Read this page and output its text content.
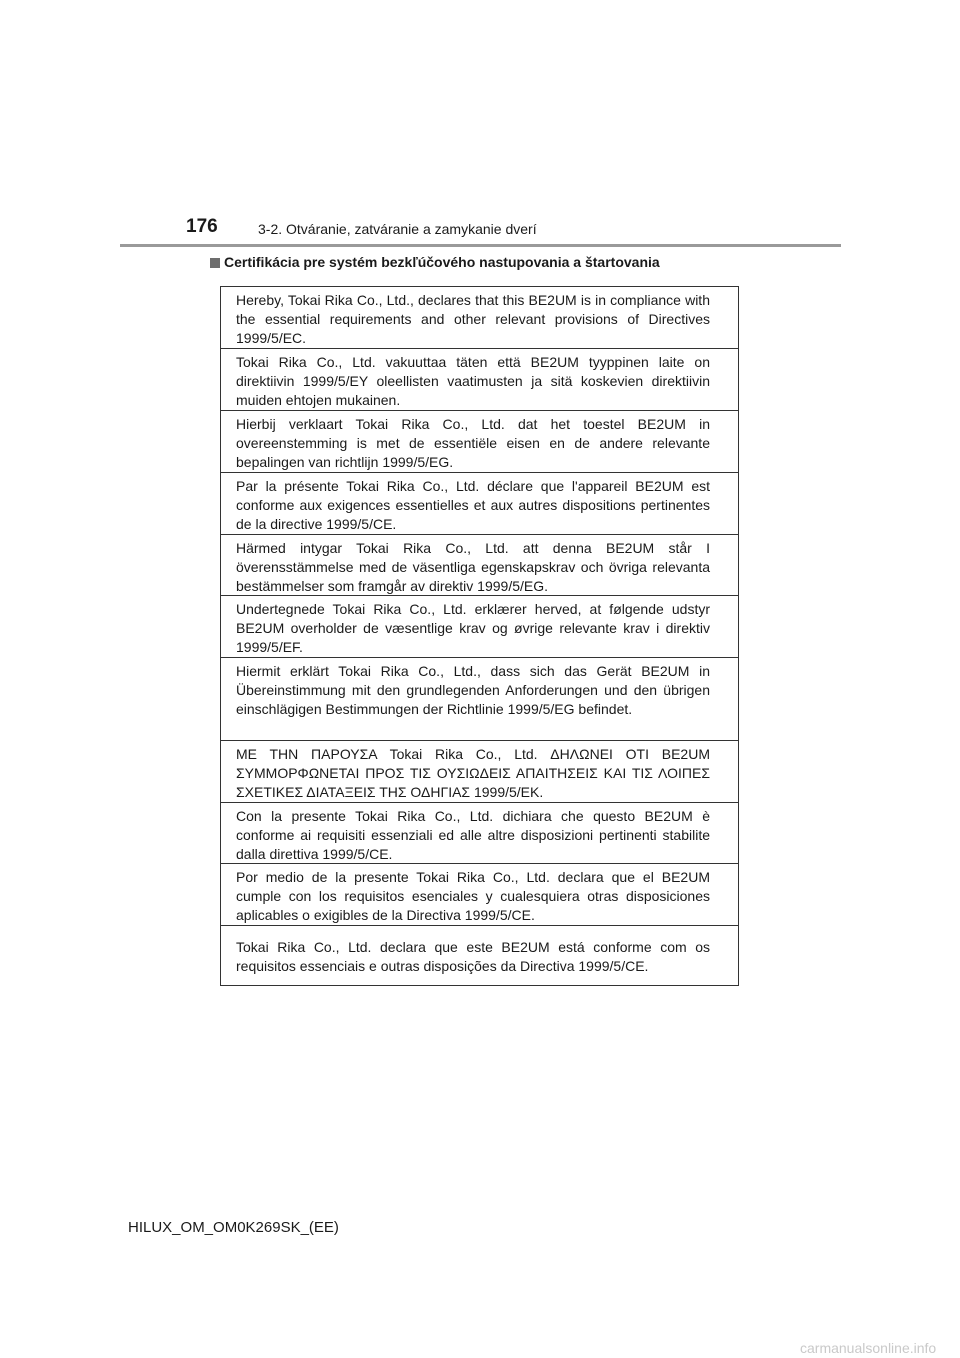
176	3-2. Otváranie, zatváranie a zamykanie dverí
Certifikácia pre systém bezkľúčového nastupovania a štartovania
Hereby, Tokai Rika Co., Ltd., declares that this BE2UM is in compliance with the essential requirements and other relevant provisions of Directives 1999/5/EC.
Tokai Rika Co., Ltd. vakuuttaa täten että BE2UM tyyppinen laite on direktiivin 1999/5/EY oleellisten vaatimusten ja sitä koskevien direktiivin muiden ehtojen mukainen.
Hierbij verklaart Tokai Rika Co., Ltd. dat het toestel BE2UM in overeenstemming is met de essentiële eisen en de andere relevante bepalingen van richtlijn 1999/5/EG.
Par la présente Tokai Rika Co., Ltd. déclare que l'appareil BE2UM est conforme aux exigences essentielles et aux autres dispositions pertinentes de la directive 1999/5/CE.
Härmed intygar Tokai Rika Co., Ltd. att denna BE2UM står I överensstämmelse med de väsentliga egenskapskrav och övriga relevanta bestämmelser som framgår av direktiv 1999/5/EG.
Undertegnede Tokai Rika Co., Ltd. erklærer herved, at følgende udstyr BE2UM overholder de væsentlige krav og øvrige relevante krav i direktiv 1999/5/EF.
Hiermit erklärt Tokai Rika Co., Ltd., dass sich das Gerät BE2UM in Übereinstimmung mit den grundlegenden Anforderungen und den übrigen einschlägigen Bestimmungen der Richtlinie 1999/5/EG befindet.
ΜΕ ΤΗΝ ΠΑΡΟΥΣΑ Tokai Rika Co., Ltd. ΔΗΛΩΝΕΙ ΟΤΙ BE2UM ΣΥΜΜΟΡΦΩΝΕΤΑΙ ΠΡΟΣ ΤΙΣ ΟΥΣΙΩΔΕΙΣ ΑΠΑΙΤΗΣΕΙΣ ΚΑΙ ΤΙΣ ΛΟΙΠΕΣ ΣΧΕΤΙΚΕΣ ΔΙΑΤΑΞΕΙΣ ΤΗΣ ΟΔΗΓΙΑΣ 1999/5/ΕΚ.
Con la presente Tokai Rika Co., Ltd. dichiara che questo BE2UM è conforme ai requisiti essenziali ed alle altre disposizioni pertinenti stabilite dalla direttiva 1999/5/CE.
Por medio de la presente Tokai Rika Co., Ltd. declara que el BE2UM cumple con los requisitos esenciales y cualesquiera otras disposiciones aplicables o exigibles de la Directiva 1999/5/CE.
Tokai Rika Co., Ltd. declara que este BE2UM está conforme com os requisitos essenciais e outras disposições da Directiva 1999/5/CE.
HILUX_OM_OM0K269SK_(EE)
carmanualsonline.info
